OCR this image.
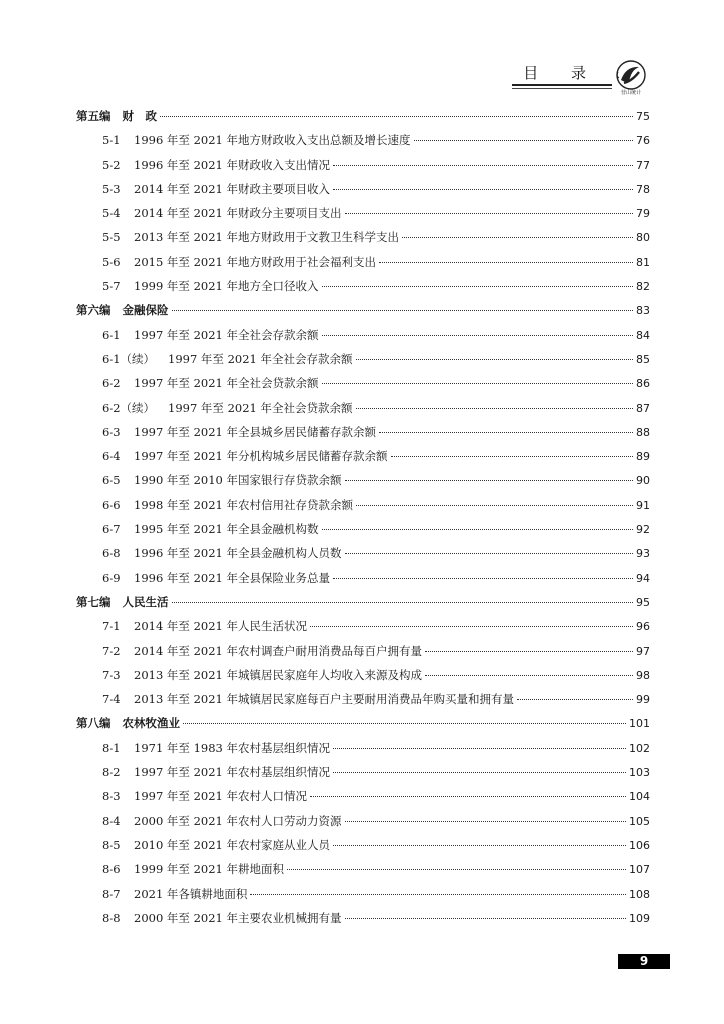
目 录
营山统计
第五编 财　政	75
5-1	1996 年至 2021 年地方财政收入支出总额及增长速度	76
5-2	1996 年至 2021 年财政收入支出情况	77
5-3	2014 年至 2021 年财政主要项目收入	78
5-4	2014 年至 2021 年财政分主要项目支出	79
5-5	2013 年至 2021 年地方财政用于文教卫生科学支出	80
5-6	2015 年至 2021 年地方财政用于社会福利支出	81
5-7	1999 年至 2021 年地方全口径收入	82
第六编 金融保险	83
6-1	1997 年至 2021 年全社会存款余额	84
6-1（续）	1997 年至 2021 年全社会存款余额	85
6-2	1997 年至 2021 年全社会贷款余额	86
6-2（续）	1997 年至 2021 年全社会贷款余额	87
6-3	1997 年至 2021 年全县城乡居民储蓄存款余额	88
6-4	1997 年至 2021 年分机构城乡居民储蓄存款余额	89
6-5	1990 年至 2010 年国家银行存贷款余额	90
6-6	1998 年至 2021 年农村信用社存贷款余额	91
6-7	1995 年至 2021 年全县金融机构数	92
6-8	1996 年至 2021 年全县金融机构人员数	93
6-9	1996 年至 2021 年全县保险业务总量	94
第七编 人民生活	95
7-1	2014 年至 2021 年人民生活状况	96
7-2	2014 年至 2021 年农村调查户耐用消费品每百户拥有量	97
7-3	2013 年至 2021 年城镇居民家庭年人均收入来源及构成	98
7-4	2013 年至 2021 年城镇居民家庭每百户主要耐用消费品年购买量和拥有量	99
第八编 农林牧渔业	101
8-1	1971 年至 1983 年农村基层组织情况	102
8-2	1997 年至 2021 年农村基层组织情况	103
8-3	1997 年至 2021 年农村人口情况	104
8-4	2000 年至 2021 年农村人口劳动力资源	105
8-5	2010 年至 2021 年农村家庭从业人员	106
8-6	1999 年至 2021 年耕地面积	107
8-7	2021 年各镇耕地面积	108
8-8	2000 年至 2021 年主要农业机械拥有量	109
9
